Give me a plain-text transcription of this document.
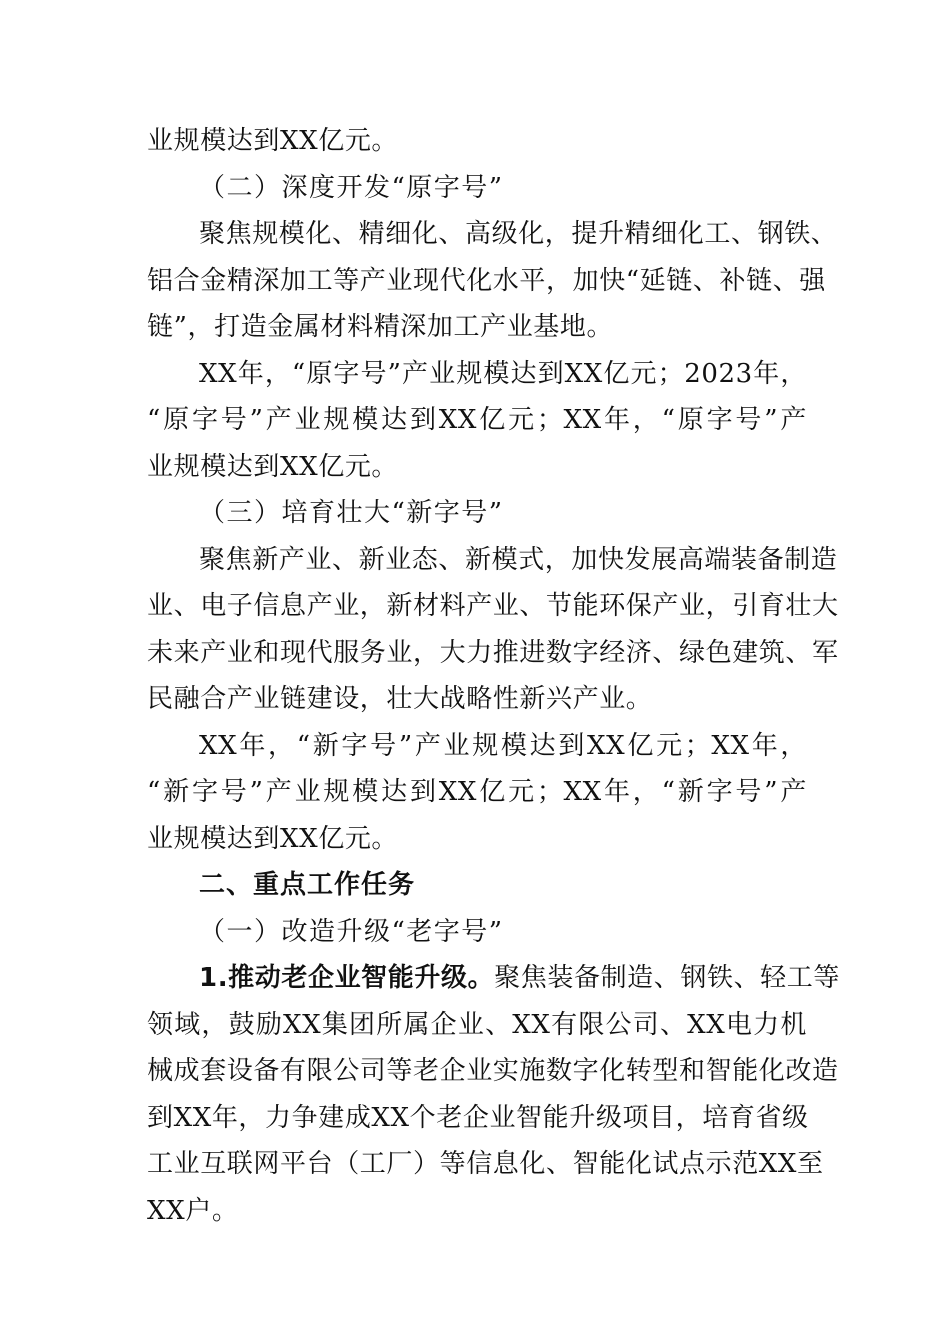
业规模达到XX亿元。
（二）深度开发“原字号”
聚焦规模化、精细化、高级化，提升精细化工、钢铁、
铝合金精深加工等产业现代化水平，加快“延链、补链、强
链”，打造金属材料精深加工产业基地。
XX年，“原字号”产业规模达到XX亿元；2023年，
“原字号”产业规模达到XX亿元；XX年，“原字号”产
业规模达到XX亿元。
（三）培育壮大“新字号”
聚焦新产业、新业态、新模式，加快发展高端装备制造
业、电子信息产业，新材料产业、节能环保产业，引育壮大
未来产业和现代服务业，大力推进数字经济、绿色建筑、军
民融合产业链建设，壮大战略性新兴产业。
XX年，“新字号”产业规模达到XX亿元；XX年，
“新字号”产业规模达到XX亿元；XX年，“新字号”产
业规模达到XX亿元。
二、重点工作任务
（一）改造升级“老字号”
1.推动老企业智能升级。聚焦装备制造、钢铁、轻工等
领域，鼓励XX集团所属企业、XX有限公司、XX电力机
械成套设备有限公司等老企业实施数字化转型和智能化改造
到XX年，力争建成XX个老企业智能升级项目，培育省级
工业互联网平台（工厂）等信息化、智能化试点示范XX至
XX户。
